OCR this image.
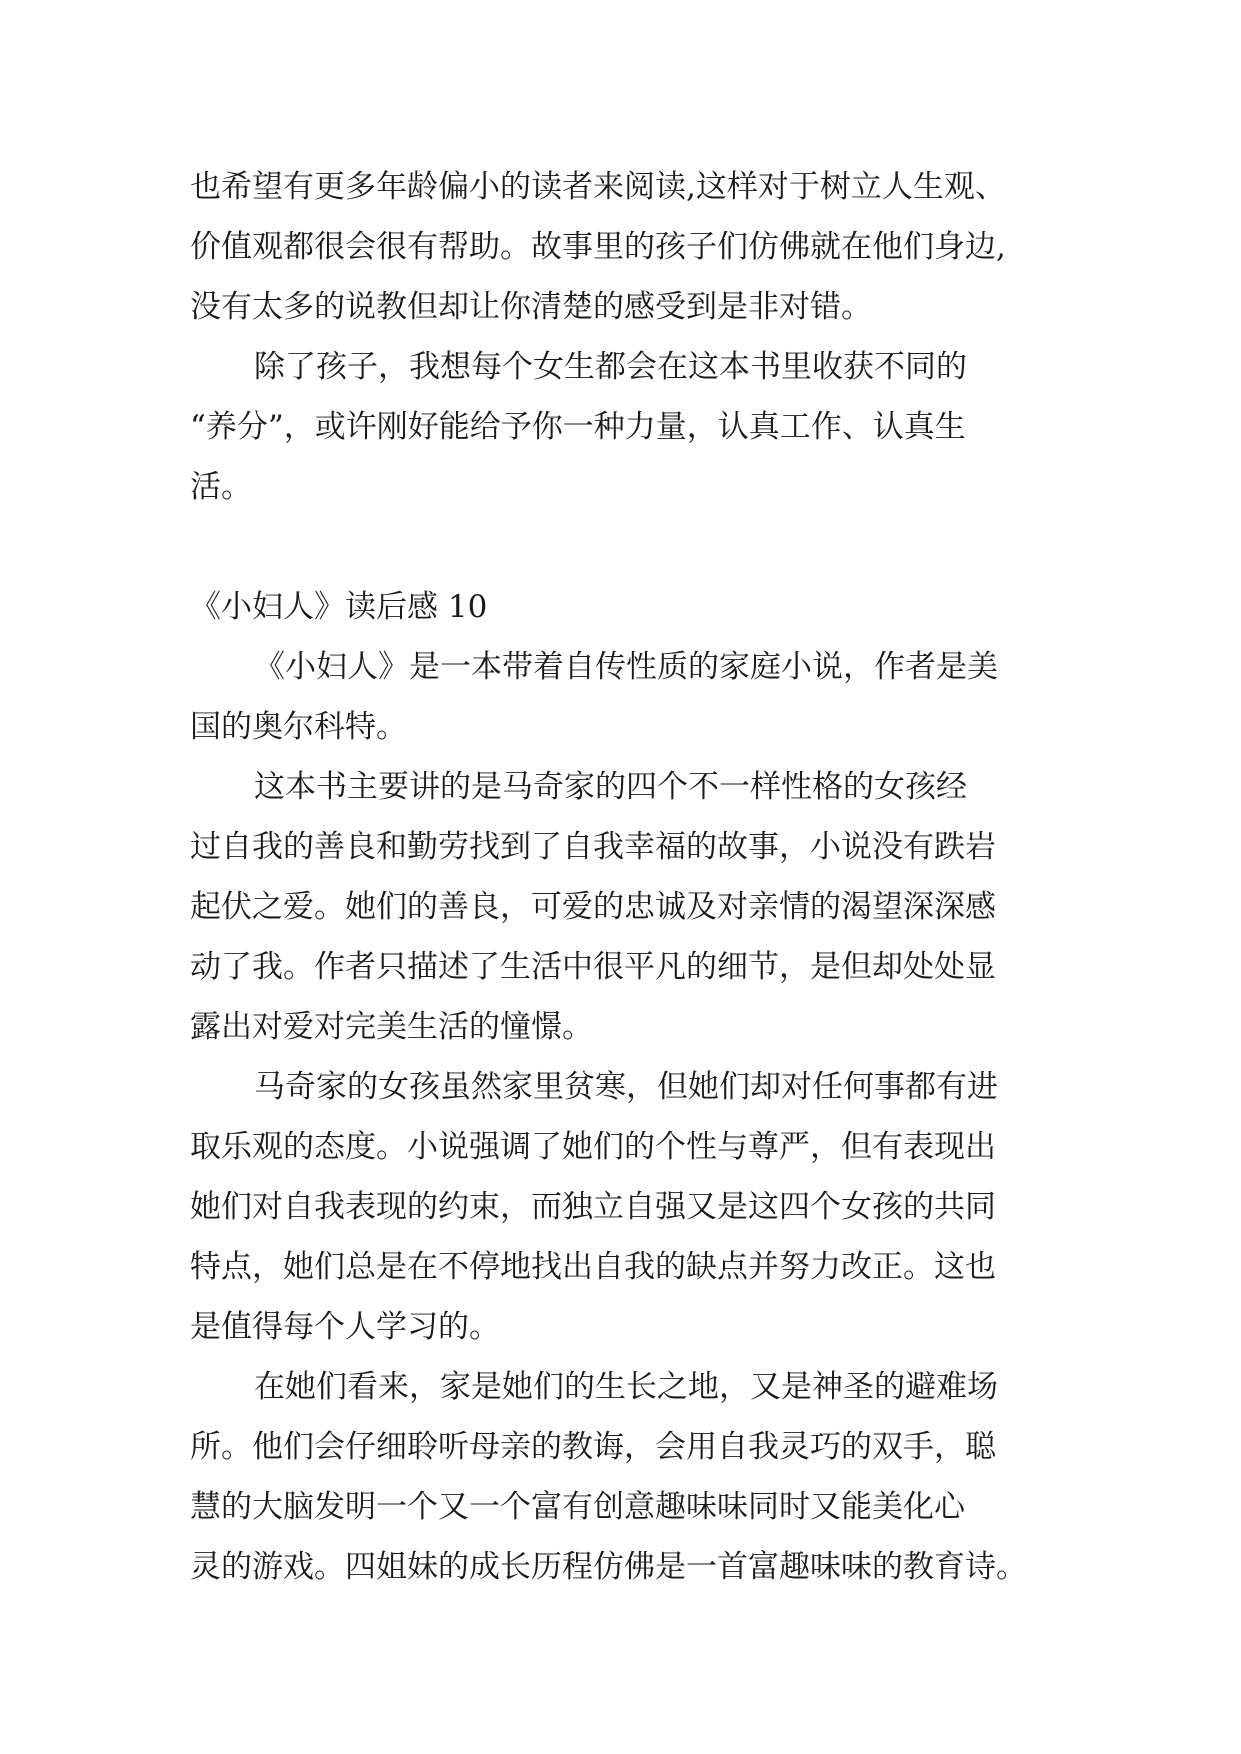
也希望有更多年龄偏小的读者来阅读,这样对于树立人生观、
价值观都很会很有帮助。故事里的孩子们仿佛就在他们身边,
没有太多的说教但却让你清楚的感受到是非对错。
除了孩子，我想每个女生都会在这本书里收获不同的
“养分”，或许刚好能给予你一种力量，认真工作、认真生
活。
《小妇人》读后感 10
《小妇人》是一本带着自传性质的家庭小说，作者是美
国的奥尔科特。
这本书主要讲的是马奇家的四个不一样性格的女孩经
过自我的善良和勤劳找到了自我幸福的故事，小说没有跌岩
起伏之爱。她们的善良，可爱的忠诚及对亲情的渴望深深感
动了我。作者只描述了生活中很平凡的细节，是但却处处显
露出对爱对完美生活的憧憬。
马奇家的女孩虽然家里贫寒，但她们却对任何事都有进
取乐观的态度。小说强调了她们的个性与尊严，但有表现出
她们对自我表现的约束，而独立自强又是这四个女孩的共同
特点，她们总是在不停地找出自我的缺点并努力改正。这也
是值得每个人学习的。
在她们看来，家是她们的生长之地，又是神圣的避难场
所。他们会仔细聆听母亲的教诲，会用自我灵巧的双手，聪
慧的大脑发明一个又一个富有创意趣味味同时又能美化心
灵的游戏。四姐妹的成长历程仿佛是一首富趣味味的教育诗。
